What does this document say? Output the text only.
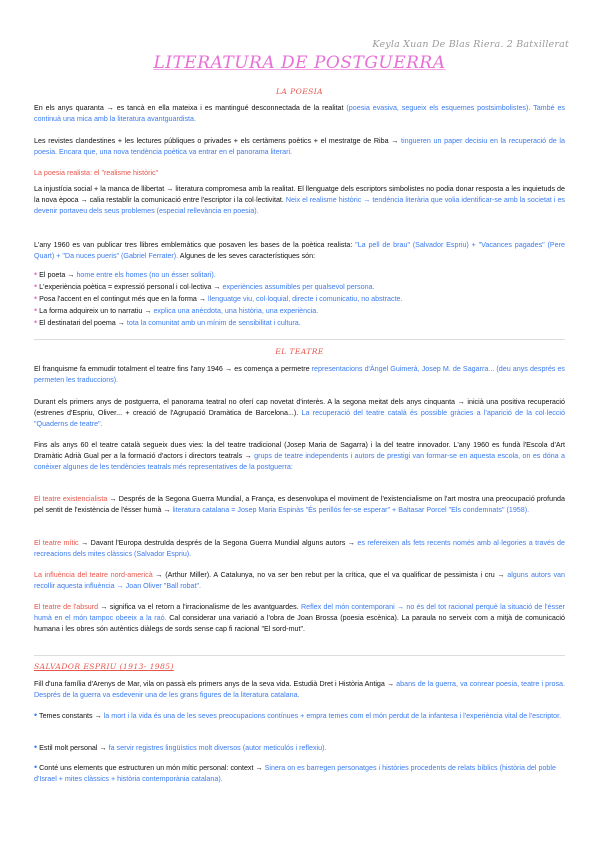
Keyla Xuan De Blas Riera. 2 Batxillerat
LITERATURA DE POSTGUERRA
LA POESIA
En els anys quaranta → es tancà en ella mateixa i es mantingué desconnectada de la realitat (poesia evasiva, segueix els esquemes postsimbolistes). També es continuà una mica amb la literatura avantguardista.
Les revistes clandestines + les lectures públiques o privades + els certàmens poètics + el mestratge de Riba → tingueren un paper decisiu en la recuperació de la poesia. Encara que, una nova tendència poètica va entrar en el panorama literari.
La poesia realista: el "realisme històric"
La injustícia social + la manca de llibertat → literatura compromesa amb la realitat. El llenguatge dels escriptors simbolistes no podia donar resposta a les inquietuds de la nova època → calia restablir la comunicació entre l'escriptor i la col·lectivitat. Neix el realisme històric → tendència literària que volia identificar-se amb la societat i es devenir portaveu dels seus problemes (especial rellevància en poesia).
L'any 1960 es van publicar tres llibres emblemàtics que posaven les bases de la poètica realista: "La pell de brau" (Salvador Espriu) + "Vacances pagades" (Pere Quart) + "Da nuces pueris" (Gabriel Ferrater). Algunes de les seves característiques són:
• El poeta → home entre els homes (no un ésser solitari).
• L'experiència poètica = expressió personal i col·lectiva → experiències assumibles per qualsevol persona.
• Posa l'accent en el contingut més que en la forma → llenguatge viu, col·loquial, directe i comunicatiu, no abstracte.
• La forma adquireix un to narratiu → explica una anècdota, una història, una experiència.
• El destinatari del poema → tota la comunitat amb un mínim de sensibilitat i cultura.
EL TEATRE
El franquisme fa emmudir totalment el teatre fins l'any 1946 → es comença a permetre representacions d'Àngel Guimerà, Josep M. de Sagarra... (deu anys després es permeten les traduccions).
Durant els primers anys de postguerra, el panorama teatral no oferí cap novetat d'interès. A la segona meitat dels anys cinquanta → inicià una positiva recuperació (estrenes d'Espriu, Oliver... + creació de l'Agrupació Dramàtica de Barcelona...). La recuperació del teatre català és possible gràcies a l'aparició de la col·lecció "Quaderns de teatre".
Fins als anys 60 el teatre català segueix dues vies: la del teatre tradicional (Josep Maria de Sagarra) i la del teatre innovador. L'any 1960 es fundà l'Escola d'Art Dramàtic Adrià Gual per a la formació d'actors i directors teatrals → grups de teatre independents i autors de prestigi van formar-se en aquesta escola, on es dóna a conèixer algunes de les tendències teatrals més representatives de la postguerra:
El teatre existencialista → Després de la Segona Guerra Mundial, a França, es desenvolupa el moviment de l'existencialisme on l'art mostra una preocupació profunda pel sentit de l'existència de l'ésser humà → literatura catalana = Josep Maria Espinàs "És perillós fer-se esperar" + Baltasar Porcel "Els condemnats" (1958).
El teatre mític → Davant l'Europa destruïda després de la Segona Guerra Mundial alguns autors → es refereixen als fets recents només amb al·legories a través de recreacions dels mites clàssics (Salvador Espriu).
La influència del teatre nord-americà → (Arthur Miller). A Catalunya, no va ser ben rebut per la crítica, que el va qualificar de pessimista i cru → alguns autors van recollir aquesta influència → Joan Oliver "Ball robat".
El teatre de l'absurd → significa va el retorn a l'irracionalisme de les avantguardes. Reflex del món contemporani → no és del tot racional perquè la situació de l'ésser humà en el món tampoc obeeix a la raó. Cal considerar una variació a l'obra de Joan Brossa (poesia escènica). La paraula no serveix com a mitjà de comunicació humana i les obres són autèntics diàlegs de sords sense cap fi racional "El sord-mut".
SALVADOR ESPRIU (1913- 1985)
Fill d'una família d'Arenys de Mar, vila on passà els primers anys de la seva vida. Estudià Dret i Història Antiga → abans de la guerra, va conrear poesia, teatre i prosa. Després de la guerra va esdevenir una de les grans figures de la literatura catalana.
• Temes constants → la mort i la vida és una de les seves preocupacions contínues + empra temes com el món perdut de la infantesa i l'experiència vital de l'escriptor.
• Estil molt personal → fa servir registres lingüístics molt diversos (autor meticulós i reflexiu).
• Conté uns elements que estructuren un món mític personal: context → Sinera on es barregen personatges i històries procedents de relats bíblics (història del poble d'Israel + mites clàssics + història contemporània catalana).
